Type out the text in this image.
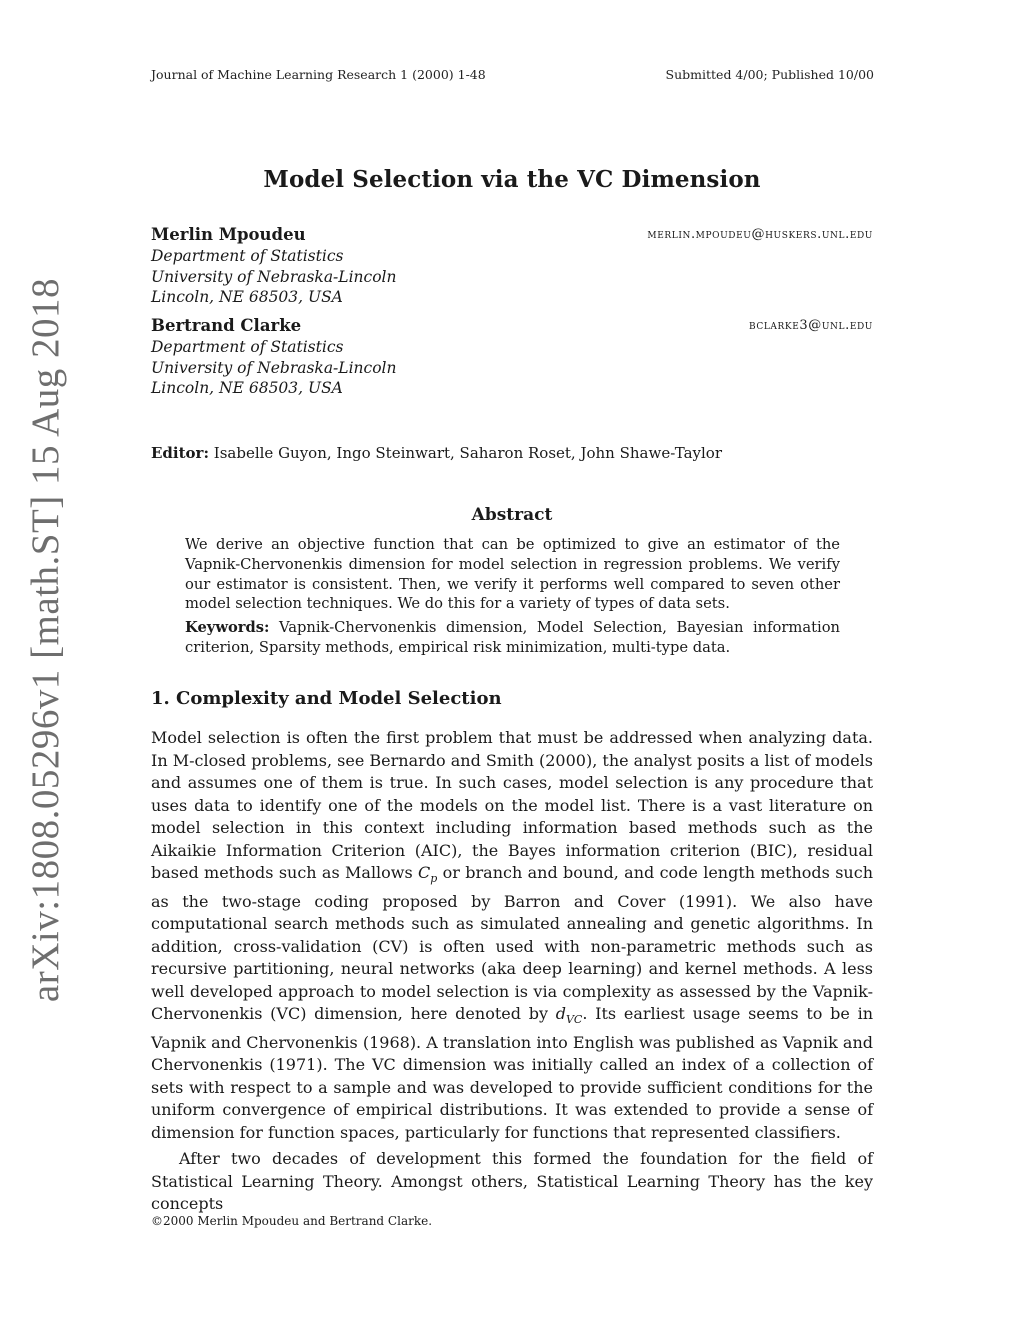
arXiv:1808.05296v1 [math.ST] 15 Aug 2018
Journal of Machine Learning Research 1 (2000) 1-48	Submitted 4/00; Published 10/00
Model Selection via the VC Dimension
Merlin Mpoudeu	merlin.mpoudeu@huskers.unl.edu
Department of Statistics
University of Nebraska-Lincoln
Lincoln, NE 68503, USA
Bertrand Clarke	bclarke3@unl.edu
Department of Statistics
University of Nebraska-Lincoln
Lincoln, NE 68503, USA
Editor: Isabelle Guyon, Ingo Steinwart, Saharon Roset, John Shawe-Taylor
Abstract
We derive an objective function that can be optimized to give an estimator of the Vapnik-Chervonenkis dimension for model selection in regression problems. We verify our estimator is consistent. Then, we verify it performs well compared to seven other model selection techniques. We do this for a variety of types of data sets.
Keywords: Vapnik-Chervonenkis dimension, Model Selection, Bayesian information criterion, Sparsity methods, empirical risk minimization, multi-type data.
1. Complexity and Model Selection

Model selection is often the first problem that must be addressed when analyzing data. In M-closed problems, see Bernardo and Smith (2000), the analyst posits a list of models and assumes one of them is true. In such cases, model selection is any procedure that uses data to identify one of the models on the model list. There is a vast literature on model selection in this context including information based methods such as the Aikaikie Information Criterion (AIC), the Bayes information criterion (BIC), residual based methods such as Mallows $C_p$ or branch and bound, and code length methods such as the two-stage coding proposed by Barron and Cover (1991). We also have computational search methods such as simulated annealing and genetic algorithms. In addition, cross-validation (CV) is often used with non-parametric methods such as recursive partitioning, neural networks (aka deep learning) and kernel methods. A less well developed approach to model selection is via complexity as assessed by the Vapnik-Chervonenkis (VC) dimension, here denoted by $d_{VC}$. Its earliest usage seems to be in Vapnik and Chervonenkis (1968). A translation into English was published as Vapnik and Chervonenkis (1971). The VC dimension was initially called an index of a collection of sets with respect to a sample and was developed to provide sufficient conditions for the uniform convergence of empirical distributions. It was extended to provide a sense of dimension for function spaces, particularly for functions that represented classifiers.

After two decades of development this formed the foundation for the field of Statistical Learning Theory. Amongst others, Statistical Learning Theory has the key concepts

©2000 Merlin Mpoudeu and Bertrand Clarke.
